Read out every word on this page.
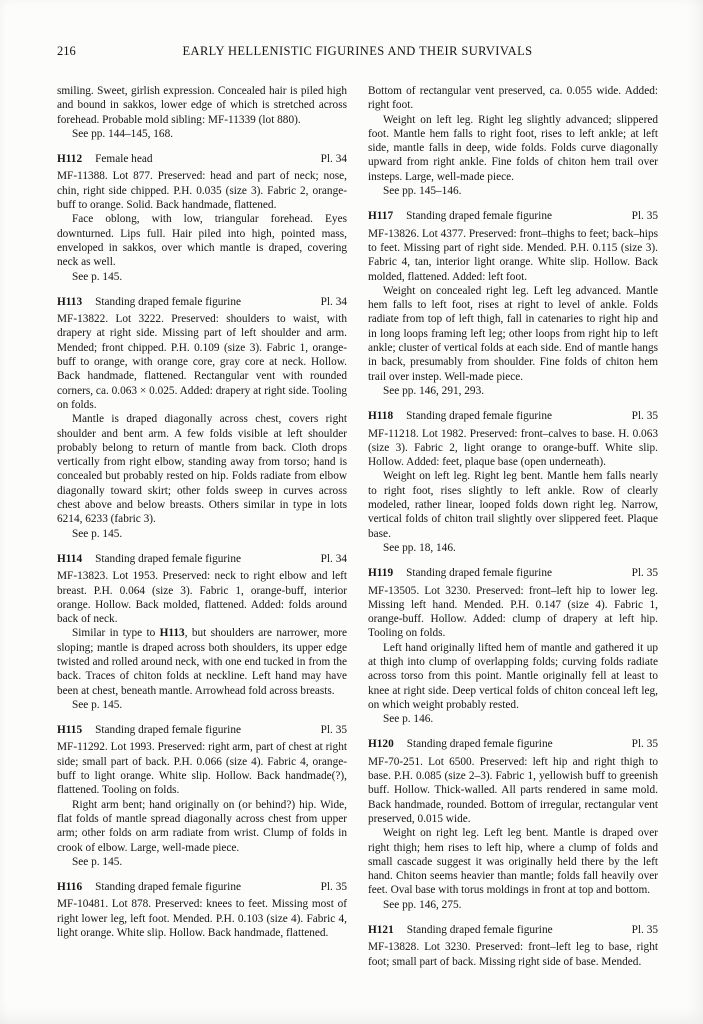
216	EARLY HELLENISTIC FIGURINES AND THEIR SURVIVALS

smiling. Sweet, girlish expression. Concealed hair is piled high and bound in sakkos, lower edge of which is stretched across forehead. Probable mold sibling: MF-11339 (lot 880).

See pp. 144–145, 168.

H112 Female head	Pl. 34

MF-11388. Lot 877. Preserved: head and part of neck; nose, chin, right side chipped. P.H. 0.035 (size 3). Fabric 2, orange-buff to orange. Solid. Back handmade, flattened.

Face oblong, with low, triangular forehead. Eyes downturned. Lips full. Hair piled into high, pointed mass, enveloped in sakkos, over which mantle is draped, covering neck as well.

See p. 145.

H113 Standing draped female figurine	Pl. 34

MF-13822. Lot 3222. Preserved: shoulders to waist, with drapery at right side. Missing part of left shoulder and arm. Mended; front chipped. P.H. 0.109 (size 3). Fabric 1, orange-buff to orange, with orange core, gray core at neck. Hollow. Back handmade, flattened. Rectangular vent with rounded corners, ca. 0.063 × 0.025. Added: drapery at right side. Tooling on folds.

Mantle is draped diagonally across chest, covers right shoulder and bent arm. A few folds visible at left shoulder probably belong to return of mantle from back. Cloth drops vertically from right elbow, standing away from torso; hand is concealed but probably rested on hip. Folds radiate from elbow diagonally toward skirt; other folds sweep in curves across chest above and below breasts. Others similar in type in lots 6214, 6233 (fabric 3).

See p. 145.

H114 Standing draped female figurine	Pl. 34

MF-13823. Lot 1953. Preserved: neck to right elbow and left breast. P.H. 0.064 (size 3). Fabric 1, orange-buff, interior orange. Hollow. Back molded, flattened. Added: folds around back of neck.

Similar in type to H113, but shoulders are narrower, more sloping; mantle is draped across both shoulders, its upper edge twisted and rolled around neck, with one end tucked in from the back. Traces of chiton folds at neckline. Left hand may have been at chest, beneath mantle. Arrowhead fold across breasts.

See p. 145.

H115 Standing draped female figurine	Pl. 35

MF-11292. Lot 1993. Preserved: right arm, part of chest at right side; small part of back. P.H. 0.066 (size 4). Fabric 4, orange-buff to light orange. White slip. Hollow. Back handmade(?), flattened. Tooling on folds.

Right arm bent; hand originally on (or behind?) hip. Wide, flat folds of mantle spread diagonally across chest from upper arm; other folds on arm radiate from wrist. Clump of folds in crook of elbow. Large, well-made piece.

See p. 145.

H116 Standing draped female figurine	Pl. 35

MF-10481. Lot 878. Preserved: knees to feet. Missing most of right lower leg, left foot. Mended. P.H. 0.103 (size 4). Fabric 4, light orange. White slip. Hollow. Back handmade, flattened.

Bottom of rectangular vent preserved, ca. 0.055 wide. Added: right foot.

Weight on left leg. Right leg slightly advanced; slippered foot. Mantle hem falls to right foot, rises to left ankle; at left side, mantle falls in deep, wide folds. Folds curve diagonally upward from right ankle. Fine folds of chiton hem trail over insteps. Large, well-made piece.

See pp. 145–146.

H117 Standing draped female figurine	Pl. 35

MF-13826. Lot 4377. Preserved: front–thighs to feet; back–hips to feet. Missing part of right side. Mended. P.H. 0.115 (size 3). Fabric 4, tan, interior light orange. White slip. Hollow. Back molded, flattened. Added: left foot.

Weight on concealed right leg. Left leg advanced. Mantle hem falls to left foot, rises at right to level of ankle. Folds radiate from top of left thigh, fall in catenaries to right hip and in long loops framing left leg; other loops from right hip to left ankle; cluster of vertical folds at each side. End of mantle hangs in back, presumably from shoulder. Fine folds of chiton hem trail over instep. Well-made piece.

See pp. 146, 291, 293.

H118 Standing draped female figurine	Pl. 35

MF-11218. Lot 1982. Preserved: front–calves to base. H. 0.063 (size 3). Fabric 2, light orange to orange-buff. White slip. Hollow. Added: feet, plaque base (open underneath).

Weight on left leg. Right leg bent. Mantle hem falls nearly to right foot, rises slightly to left ankle. Row of clearly modeled, rather linear, looped folds down right leg. Narrow, vertical folds of chiton trail slightly over slippered feet. Plaque base.

See pp. 18, 146.

H119 Standing draped female figurine	Pl. 35

MF-13505. Lot 3230. Preserved: front–left hip to lower leg. Missing left hand. Mended. P.H. 0.147 (size 4). Fabric 1, orange-buff. Hollow. Added: clump of drapery at left hip. Tooling on folds.

Left hand originally lifted hem of mantle and gathered it up at thigh into clump of overlapping folds; curving folds radiate across torso from this point. Mantle originally fell at least to knee at right side. Deep vertical folds of chiton conceal left leg, on which weight probably rested.

See p. 146.

H120 Standing draped female figurine	Pl. 35

MF-70-251. Lot 6500. Preserved: left hip and right thigh to base. P.H. 0.085 (size 2–3). Fabric 1, yellowish buff to greenish buff. Hollow. Thick-walled. All parts rendered in same mold. Back handmade, rounded. Bottom of irregular, rectangular vent preserved, 0.015 wide.

Weight on right leg. Left leg bent. Mantle is draped over right thigh; hem rises to left hip, where a clump of folds and small cascade suggest it was originally held there by the left hand. Chiton seems heavier than mantle; folds fall heavily over feet. Oval base with torus moldings in front at top and bottom.

See pp. 146, 275.

H121 Standing draped female figurine	Pl. 35

MF-13828. Lot 3230. Preserved: front–left leg to base, right foot; small part of back. Missing right side of base. Mended.
